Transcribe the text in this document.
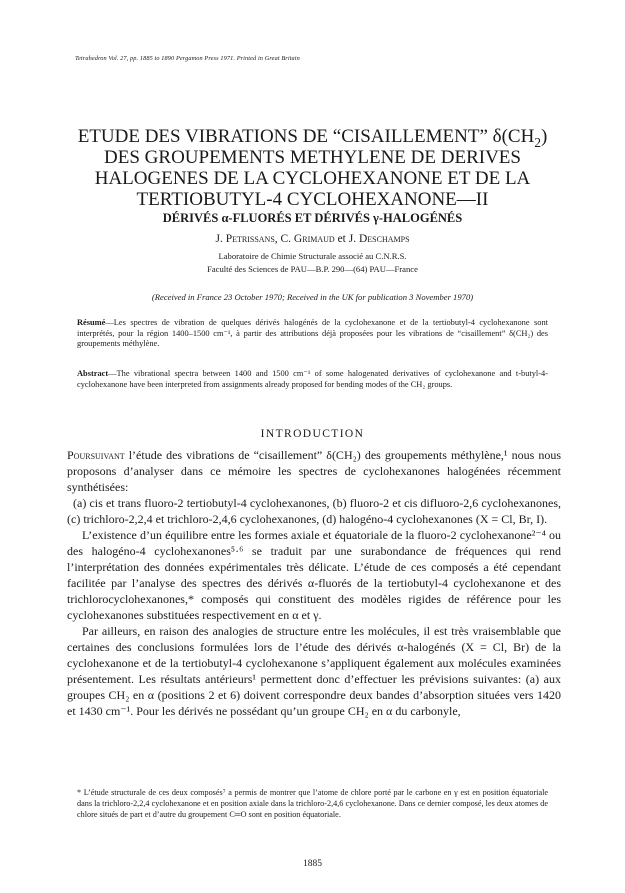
Tetrahedron Vol. 27, pp. 1885 to 1890 Pergamon Press 1971. Printed in Great Britain
ETUDE DES VIBRATIONS DE “CISAILLEMENT” $\delta(CH_2)$
DES GROUPEMENTS METHYLENE DE DERIVES
HALOGENES DE LA CYCLOHEXANONE ET DE LA
TERTIOBUTYL-4 CYCLOHEXANONE—II
DÉRIVÉS α-FLUORÉS ET DÉRIVÉS γ-HALOGÉNÉS
J. Petrissans, C. Grimaud et J. Deschamps
Laboratoire de Chimie Structurale associé au C.N.R.S.
Faculté des Sciences de PAU—B.P. 290—(64) PAU—France
(Received in France 23 October 1970; Received in the UK for publication 3 November 1970)
Résumé—Les spectres de vibration de quelques dérivés halogénés de la cyclohexanone et de la tertiobutyl-4 cyclohexanone sont interprétés, pour la région 1400–1500 cm⁻¹, à partir des attributions déjà proposées pour les vibrations de “cisaillement” δ(CH₂) des groupements méthylène.
Abstract—The vibrational spectra between 1400 and 1500 cm⁻¹ of some halogenated derivatives of cyclohexanone and t-butyl-4-cyclohexanone have been interpreted from assignments already proposed for bending modes of the CH₂ groups.
INTRODUCTION

Poursuivant l’étude des vibrations de “cisaillement” δ(CH₂) des groupements méthylène,¹ nous nous proposons d’analyser dans ce mémoire les spectres de cyclohexanones halogénées récemment synthétisées:

(a) cis et trans fluoro-2 tertiobutyl-4 cyclohexanones, (b) fluoro-2 et cis difluoro-2,6 cyclohexanones, (c) trichloro-2,2,4 et trichloro-2,4,6 cyclohexanones, (d) halogéno-4 cyclohexanones (X = Cl, Br, I).

L’existence d’un équilibre entre les formes axiale et équatoriale de la fluoro-2 cyclohexanone²⁻⁴ ou des halogéno-4 cyclohexanones⁵·⁶ se traduit par une surabondance de fréquences qui rend l’interprétation des données expérimentales très délicate. L’étude de ces composés a été cependant facilitée par l’analyse des spectres des dérivés α-fluorés de la tertiobutyl-4 cyclohexanone et des trichlorocyclohexanones,* composés qui constituent des modèles rigides de référence pour les cyclohexanones substituées respectivement en α et γ.

Par ailleurs, en raison des analogies de structure entre les molécules, il est très vraisemblable que certaines des conclusions formulées lors de l’étude des dérivés α-halogénés (X = Cl, Br) de la cyclohexanone et de la tertiobutyl-4 cyclohexanone s’appliquent également aux molécules examinées présentement. Les résultats antérieurs¹ permettent donc d’effectuer les prévisions suivantes: (a) aux groupes CH₂ en α (positions 2 et 6) doivent correspondre deux bandes d’absorption situées vers 1420 et 1430 cm⁻¹. Pour les dérivés ne possédant qu’un groupe CH₂ en α du carbonyle,

* L’étude structurale de ces deux composés⁷ a permis de montrer que l’atome de chlore porté par le carbone en γ est en position équatoriale dans la trichloro-2,2,4 cyclohexanone et en position axiale dans la trichloro-2,4,6 cyclohexanone. Dans ce dernier composé, les deux atomes de chlore situés de part et d’autre du groupement C═O sont en position équatoriale.
1885
